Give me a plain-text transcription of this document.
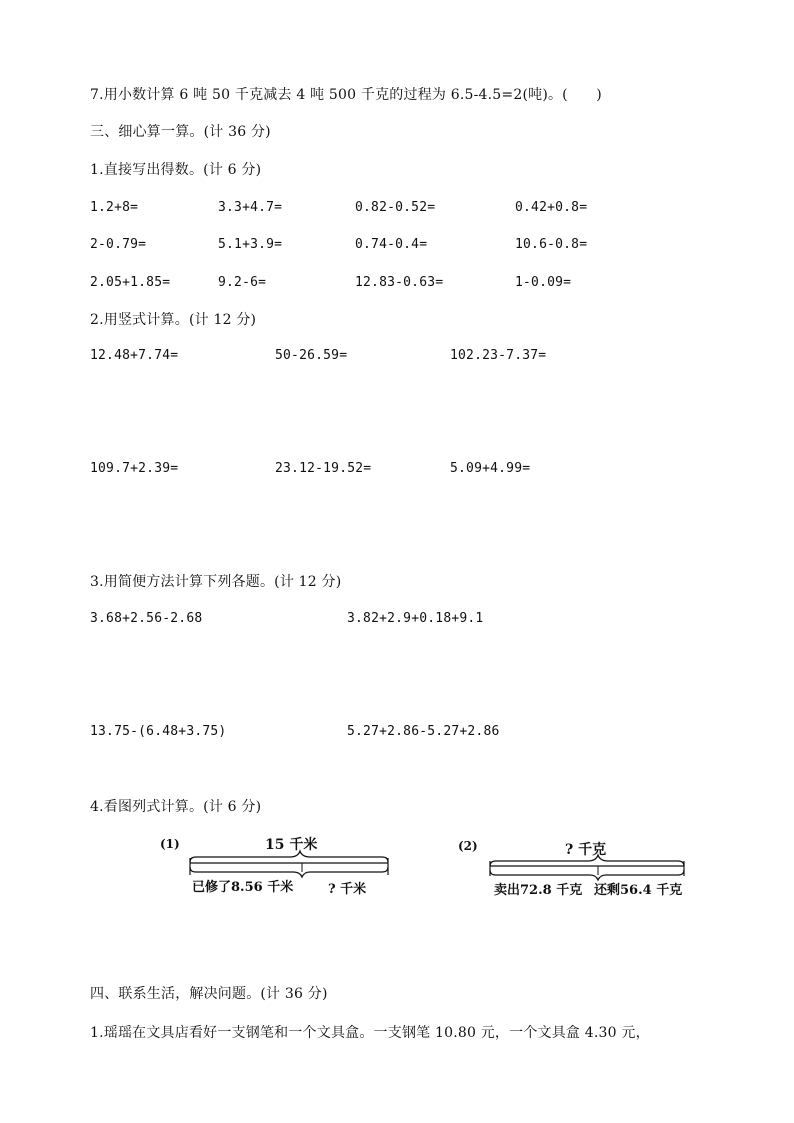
7.用小数计算 6 吨 50 千克减去 4 吨 500 千克的过程为 6.5-4.5=2(吨)。(　　)
三、细心算一算。(计 36 分)
1.直接写出得数。(计 6 分)
1.2+8=	3.3+4.7=	0.82-0.52=	0.42+0.8=
2-0.79=	5.1+3.9=	0.74-0.4=	10.6-0.8=
2.05+1.85=	9.2-6=	12.83-0.63=	1-0.09=
2.用竖式计算。(计 12 分)
12.48+7.74=	50-26.59=	102.23-7.37=
109.7+2.39=	23.12-19.52=	5.09+4.99=
3.用简便方法计算下列各题。(计 12 分)
3.68+2.56-2.68	3.82+2.9+0.18+9.1
13.75-(6.48+3.75)	5.27+2.86-5.27+2.86
4.看图列式计算。(计 6 分)
(1)	15 千米
已修了8.56 千米	? 千米
(2)	? 千克
卖出72.8 千克 还剩56.4 千克
四、联系生活，解决问题。(计 36 分)
1.瑶瑶在文具店看好一支钢笔和一个文具盒。一支钢笔 10.80 元，一个文具盒 4.30 元，
